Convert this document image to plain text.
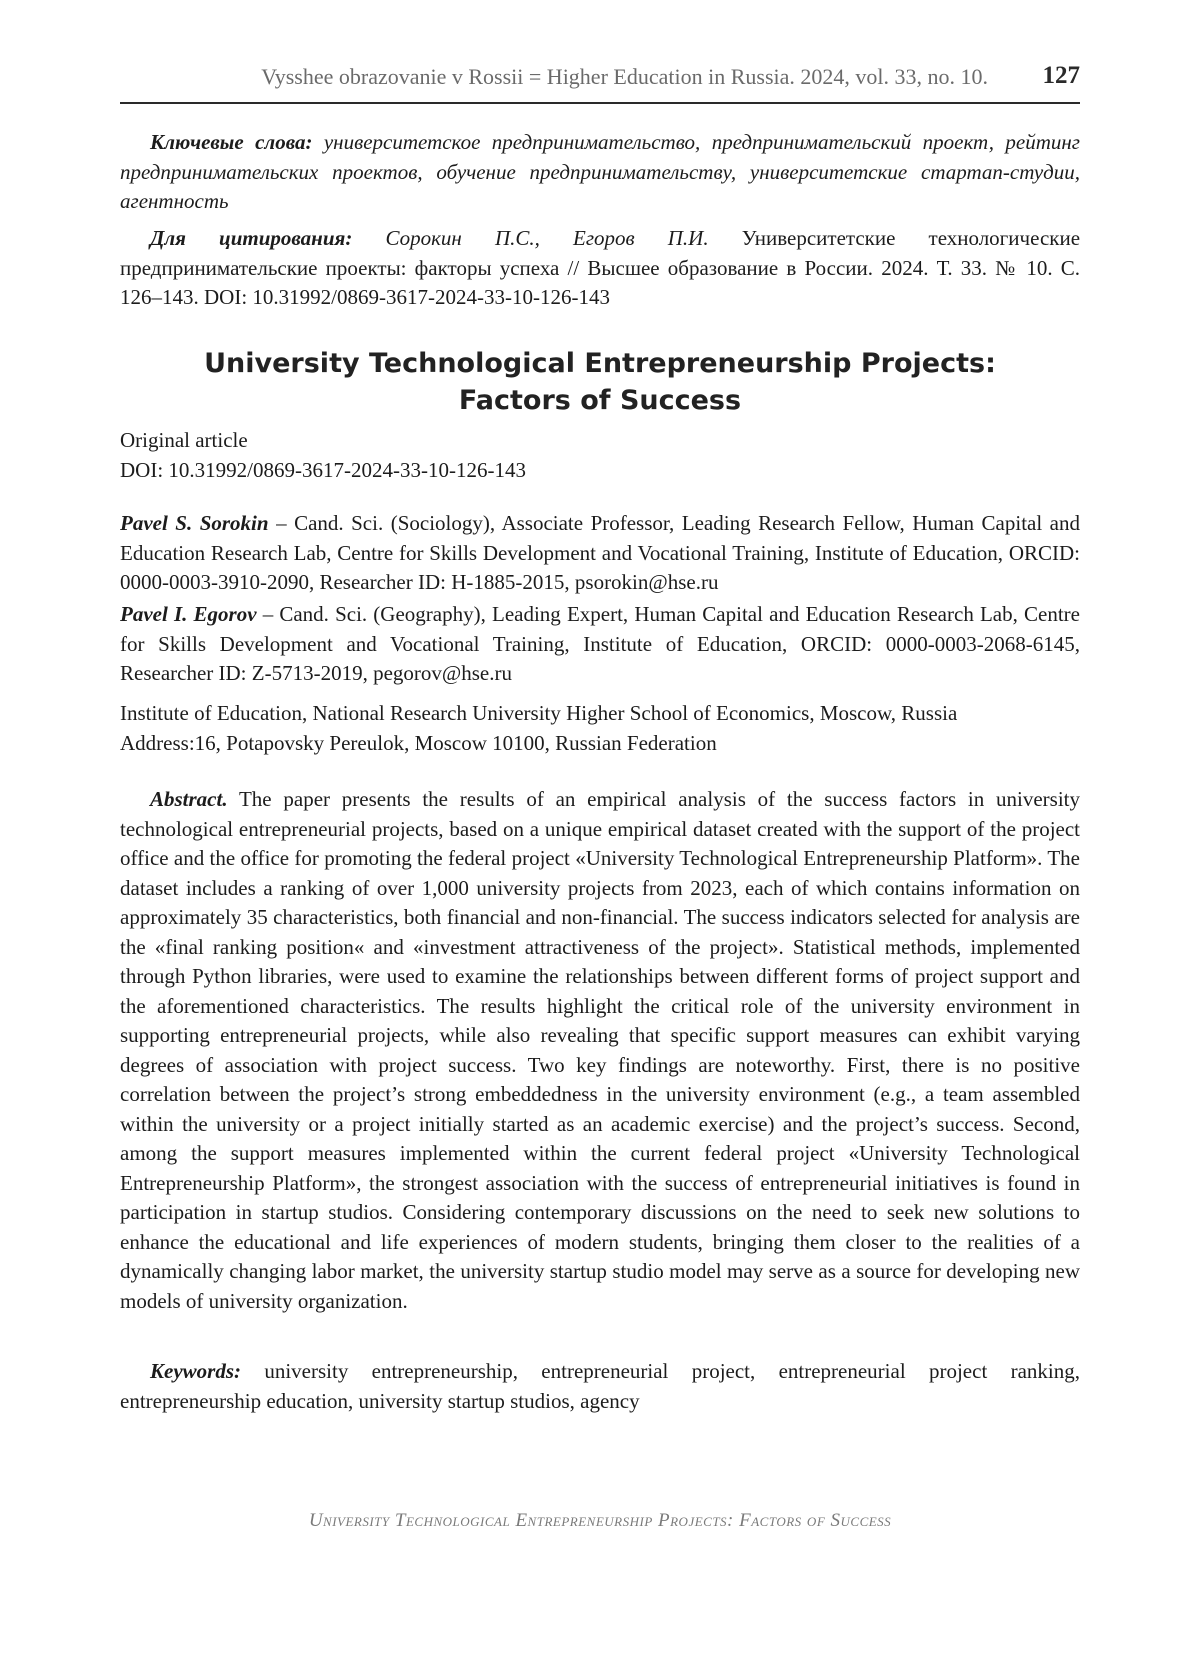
Vysshee obrazovanie v Rossii = Higher Education in Russia. 2024, vol. 33, no. 10. 127
Ключевые слова: университетское предпринимательство, предпринимательский проект, рейтинг предпринимательских проектов, обучение предпринимательству, университетские стартап-студии, агентность
Для цитирования: Сорокин П.С., Егоров П.И. Университетские технологические предпринимательские проекты: факторы успеха // Высшее образование в России. 2024. Т. 33. № 10. С. 126–143. DOI: 10.31992/0869-3617-2024-33-10-126-143
University Technological Entrepreneurship Projects:
Factors of Success
Original article
DOI: 10.31992/0869-3617-2024-33-10-126-143
Pavel S. Sorokin – Cand. Sci. (Sociology), Associate Professor, Leading Research Fellow, Human Capital and Education Research Lab, Centre for Skills Development and Vocational Training, Institute of Education, ORCID: 0000-0003-3910-2090, Researcher ID: H-1885-2015, psorokin@hse.ru
Pavel I. Egorov – Cand. Sci. (Geography), Leading Expert, Human Capital and Education Research Lab, Centre for Skills Development and Vocational Training, Institute of Education, ORCID: 0000-0003-2068-6145, Researcher ID: Z-5713-2019, pegorov@hse.ru
Institute of Education, National Research University Higher School of Economics, Moscow, Russia
Address:16, Potapovsky Pereulok, Moscow 10100, Russian Federation
Abstract. The paper presents the results of an empirical analysis of the success factors in university technological entrepreneurial projects, based on a unique empirical dataset created with the support of the project office and the office for promoting the federal project «University Technological Entrepreneurship Platform». The dataset includes a ranking of over 1,000 university projects from 2023, each of which contains information on approximately 35 characteristics, both financial and non-financial. The success indicators selected for analysis are the «final ranking position« and «investment attractiveness of the project». Statistical methods, implemented through Python libraries, were used to examine the relationships between different forms of project support and the aforementioned characteristics. The results highlight the critical role of the university environment in supporting entrepreneurial projects, while also revealing that specific support measures can exhibit varying degrees of association with project success. Two key findings are noteworthy. First, there is no positive correlation between the project’s strong embeddedness in the university environment (e.g., a team assembled within the university or a project initially started as an academic exercise) and the project’s success. Second, among the support measures implemented within the current federal project «University Technological Entrepreneurship Platform», the strongest association with the success of entrepreneurial initiatives is found in participation in startup studios. Considering contemporary discussions on the need to seek new solutions to enhance the educational and life experiences of modern students, bringing them closer to the realities of a dynamically changing labor market, the university startup studio model may serve as a source for developing new models of university organization.
Keywords: university entrepreneurship, entrepreneurial project, entrepreneurial project ranking, entrepreneurship education, university startup studios, agency
University Technological Entrepreneurship Projects: Factors of Success
